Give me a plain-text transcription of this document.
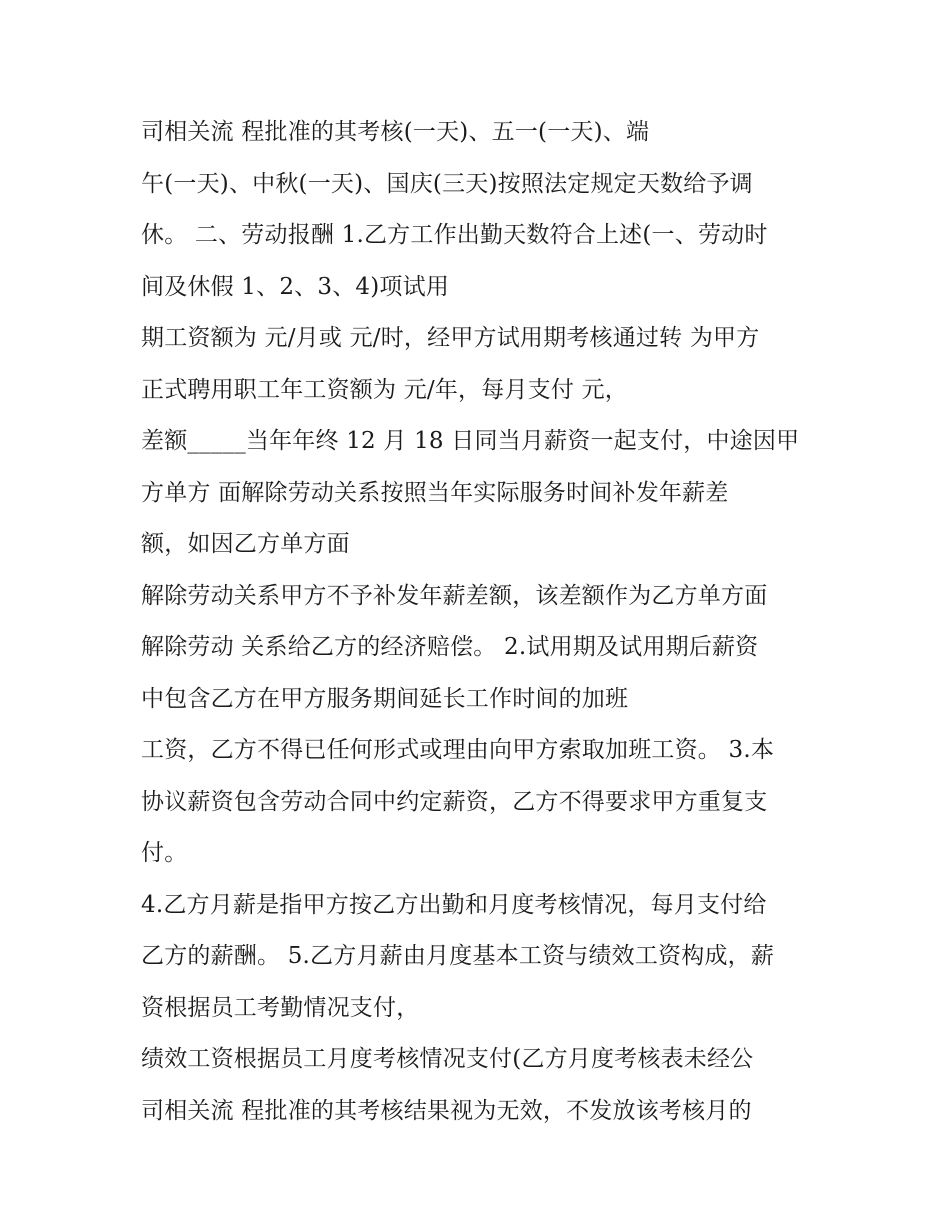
司相关流 程批准的其考核(一天)、五一(一天)、端
午(一天)、中秋(一天)、国庆(三天)按照法定规定天数给予调
休。 二、劳动报酬 1.乙方工作出勤天数符合上述(一、劳动时
间及休假 1、2、3、4)项试用
期工资额为 元/月或 元/时，经甲方试用期考核通过转 为甲方
正式聘用职工年工资额为 元/年，每月支付 元，
差额_____当年年终 12 月 18 日同当月薪资一起支付，中途因甲
方单方 面解除劳动关系按照当年实际服务时间补发年薪差
额，如因乙方单方面
解除劳动关系甲方不予补发年薪差额，该差额作为乙方单方面
解除劳动 关系给乙方的经济赔偿。 2.试用期及试用期后薪资
中包含乙方在甲方服务期间延长工作时间的加班
工资，乙方不得已任何形式或理由向甲方索取加班工资。 3.本
协议薪资包含劳动合同中约定薪资，乙方不得要求甲方重复支
付。
4.乙方月薪是指甲方按乙方出勤和月度考核情况，每月支付给
乙方的薪酬。 5.乙方月薪由月度基本工资与绩效工资构成，薪
资根据员工考勤情况支付，
绩效工资根据员工月度考核情况支付(乙方月度考核表未经公
司相关流 程批准的其考核结果视为无效，不发放该考核月的
